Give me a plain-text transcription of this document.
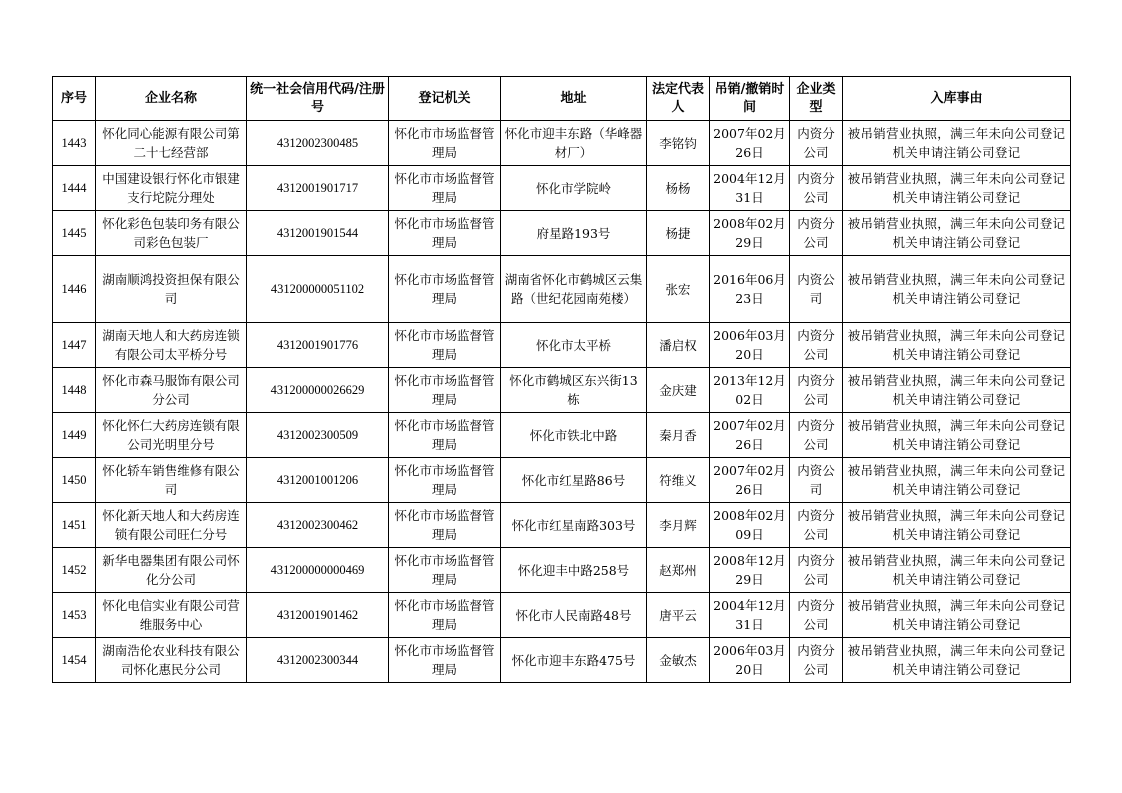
序号	企业名称	统一社会信用代码/注册号	登记机关	地址	法定代表人	吊销/撤销时间	企业类型	入库事由
1443	怀化同心能源有限公司第二十七经营部	4312002300485	怀化市市场监督管理局	怀化市迎丰东路（华峰器材厂）	李铭钧	2007年02月26日	内资分公司	被吊销营业执照，满三年未向公司登记机关申请注销公司登记
1444	中国建设银行怀化市银建支行坨院分理处	4312001901717	怀化市市场监督管理局	怀化市学院岭	杨杨	2004年12月31日	内资分公司	被吊销营业执照，满三年未向公司登记机关申请注销公司登记
1445	怀化彩色包装印务有限公司彩色包装厂	4312001901544	怀化市市场监督管理局	府星路193号	杨捷	2008年02月29日	内资分公司	被吊销营业执照，满三年未向公司登记机关申请注销公司登记
1446	湖南顺鸿投资担保有限公司	431200000051102	怀化市市场监督管理局	湖南省怀化市鹤城区云集路（世纪花园南苑楼）	张宏	2016年06月23日	内资公司	被吊销营业执照，满三年未向公司登记机关申请注销公司登记
1447	湖南天地人和大药房连锁有限公司太平桥分号	4312001901776	怀化市市场监督管理局	怀化市太平桥	潘启权	2006年03月20日	内资分公司	被吊销营业执照，满三年未向公司登记机关申请注销公司登记
1448	怀化市森马服饰有限公司分公司	431200000026629	怀化市市场监督管理局	怀化市鹤城区东兴街13栋	金庆建	2013年12月02日	内资分公司	被吊销营业执照，满三年未向公司登记机关申请注销公司登记
1449	怀化怀仁大药房连锁有限公司光明里分号	4312002300509	怀化市市场监督管理局	怀化市铁北中路	秦月香	2007年02月26日	内资分公司	被吊销营业执照，满三年未向公司登记机关申请注销公司登记
1450	怀化轿车销售维修有限公司	4312001001206	怀化市市场监督管理局	怀化市红星路86号	符维义	2007年02月26日	内资公司	被吊销营业执照，满三年未向公司登记机关申请注销公司登记
1451	怀化新天地人和大药房连锁有限公司旺仁分号	4312002300462	怀化市市场监督管理局	怀化市红星南路303号	李月辉	2008年02月09日	内资分公司	被吊销营业执照，满三年未向公司登记机关申请注销公司登记
1452	新华电器集团有限公司怀化分公司	431200000000469	怀化市市场监督管理局	怀化迎丰中路258号	赵郑州	2008年12月29日	内资分公司	被吊销营业执照，满三年未向公司登记机关申请注销公司登记
1453	怀化电信实业有限公司营维服务中心	4312001901462	怀化市市场监督管理局	怀化市人民南路48号	唐平云	2004年12月31日	内资分公司	被吊销营业执照，满三年未向公司登记机关申请注销公司登记
1454	湖南浩伦农业科技有限公司怀化惠民分公司	4312002300344	怀化市市场监督管理局	怀化市迎丰东路475号	金敏杰	2006年03月20日	内资分公司	被吊销营业执照，满三年未向公司登记机关申请注销公司登记
